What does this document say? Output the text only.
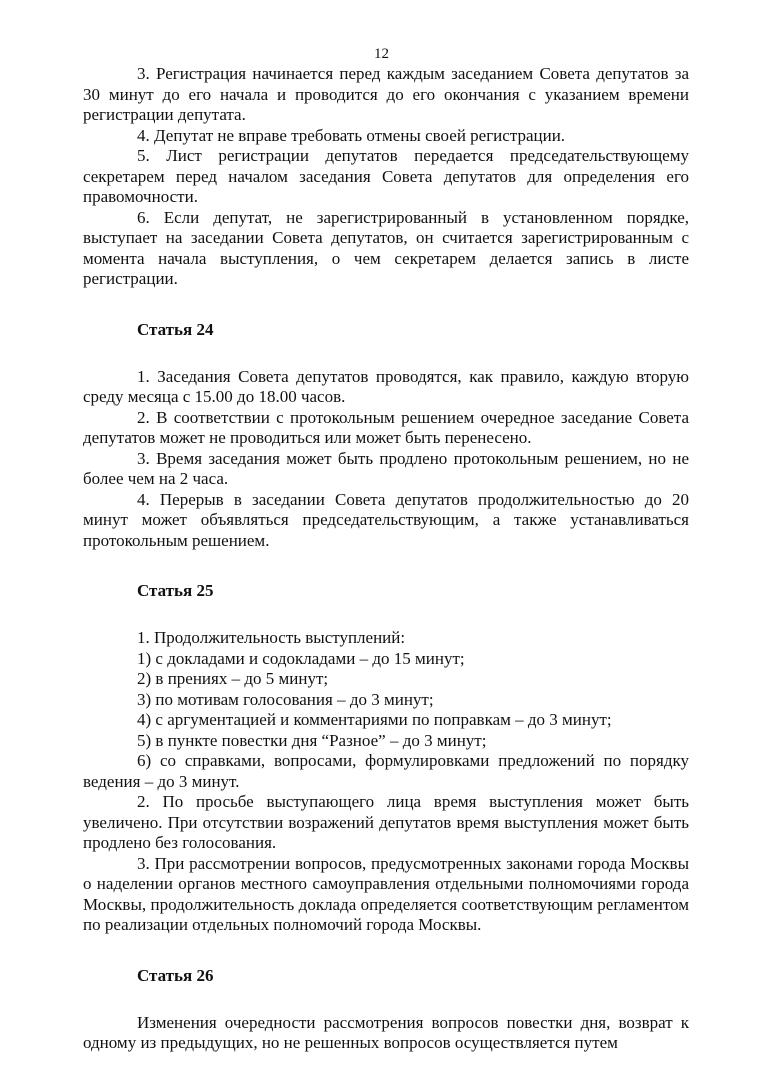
12

3. Регистрация начинается перед каждым заседанием Совета депутатов за 30 минут до его начала и проводится до его окончания с указанием времени регистрации депутата.

4. Депутат не вправе требовать отмены своей регистрации.

5. Лист регистрации депутатов передается председательствующему секретарем перед началом заседания Совета депутатов для определения его правомочности.

6. Если депутат, не зарегистрированный в установленном порядке, выступает на заседании Совета депутатов, он считается зарегистрированным с момента начала выступления, о чем секретарем делается запись в листе регистрации.

Статья 24

1. Заседания Совета депутатов проводятся, как правило, каждую вторую среду месяца с 15.00 до 18.00 часов.

2. В соответствии с протокольным решением очередное заседание Совета депутатов может не проводиться или может быть перенесено.

3. Время заседания может быть продлено протокольным решением, но не более чем на 2 часа.

4. Перерыв в заседании Совета депутатов продолжительностью до 20 минут может объявляться председательствующим, а также устанавливаться протокольным решением.

Статья 25

1. Продолжительность выступлений:

1) с докладами и содокладами – до 15 минут;

2) в прениях – до 5 минут;

3) по мотивам голосования – до 3 минут;

4) с аргументацией и комментариями по поправкам – до 3 минут;

5) в пункте повестки дня “Разное” – до 3 минут;

6) со справками, вопросами, формулировками предложений по порядку ведения – до 3 минут.

2. По просьбе выступающего лица время выступления может быть увеличено. При отсутствии возражений депутатов время выступления может быть продлено без голосования.

3. При рассмотрении вопросов, предусмотренных законами города Москвы о наделении органов местного самоуправления отдельными полномочиями города Москвы, продолжительность доклада определяется соответствующим регламентом по реализации отдельных полномочий города Москвы.

Статья 26

Изменения очередности рассмотрения вопросов повестки дня, возврат к одному из предыдущих, но не решенных вопросов осуществляется путем
